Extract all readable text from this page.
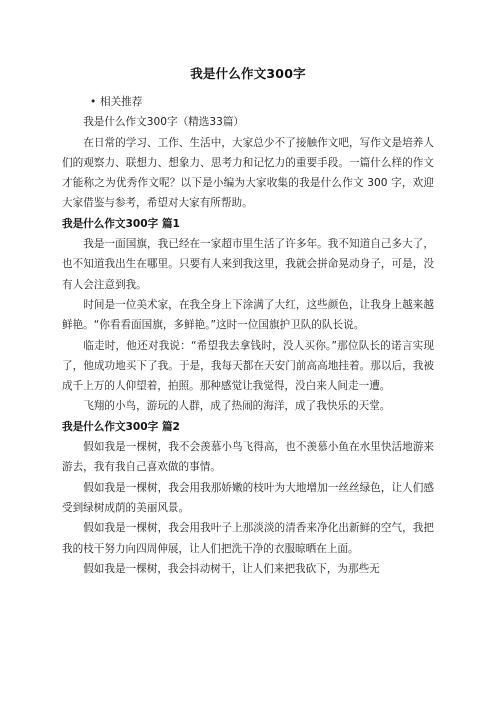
我是什么作文300字
• 相关推荐

我是什么作文300字（精选33篇）

在日常的学习、工作、生活中，大家总少不了接触作文吧，写作文是培养人们的观察力、联想力、想象力、思考力和记忆力的重要手段。一篇什么样的作文才能称之为优秀作文呢？以下是小编为大家收集的我是什么作文 300 字，欢迎大家借鉴与参考，希望对大家有所帮助。

我是什么作文300字 篇1

我是一面国旗，我已经在一家超市里生活了许多年。我不知道自己多大了，也不知道我出生在哪里。只要有人来到我这里，我就会拼命晃动身子，可是，没有人会注意到我。

时间是一位美术家，在我全身上下涂满了大红，这些颜色，让我身上越来越鲜艳。“你看看面国旗，多鲜艳。”这时一位国旗护卫队的队长说。

临走时，他还对我说：“希望我去拿钱时，没人买你。”那位队长的诺言实现了，他成功地买下了我。于是，我每天都在天安门前高高地挂着。那以后，我被成千上万的人仰望着，拍照。那种感觉让我觉得，没白来人间走一遭。

飞翔的小鸟，游玩的人群，成了热闹的海洋，成了我快乐的天堂。

我是什么作文300字 篇2

假如我是一棵树，我不会羡慕小鸟飞得高，也不羡慕小鱼在水里快活地游来游去，我有我自己喜欢做的事情。

假如我是一棵树，我会用我那娇嫩的枝叶为大地增加一丝丝绿色，让人们感受到绿树成荫的美丽风景。

假如我是一棵树，我会用我叶子上那淡淡的清香来净化出新鲜的空气，我把我的枝干努力向四周伸展，让人们把洗干净的衣服晾晒在上面。

假如我是一棵树，我会抖动树干，让人们来把我砍下，为那些无
